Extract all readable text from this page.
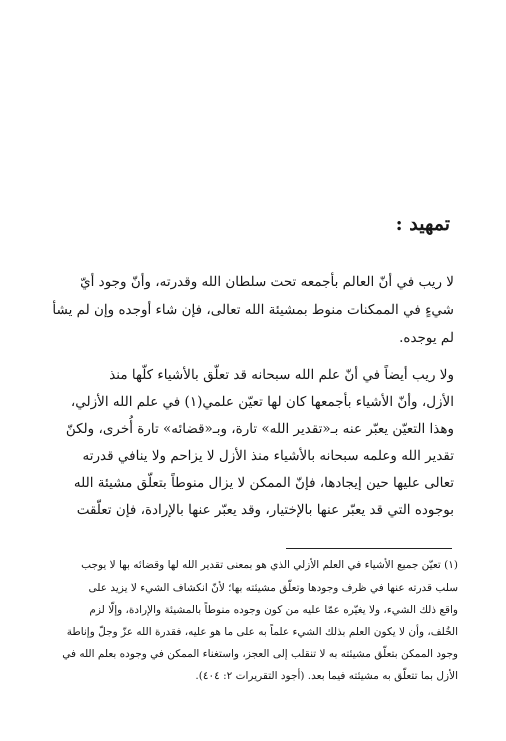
تمهيد :

لا ريب في أنّ العالم بأجمعه تحت سلطان الله وقدرته، وأنّ وجود أيّ

شيءٍ في الممكنات منوط بمشيئة الله تعالى، فإن شاء أوجده وإن لم يشأ

لم يوجده.

ولا ريب أيضاً في أنّ علم الله سبحانه قد تعلّق بالأشياء كلّها منذ

الأزل، وأنّ الأشياء بأجمعها كان لها تعيّن علمي(١) في علم الله الأزلي،

وهذا التعيّن يعبّر عنه بـ«تقدير الله» تارة، وبـ«قضائه» تارة أُخرى، ولكنّ

تقدير الله وعلمه سبحانه بالأشياء منذ الأزل لا يزاحم ولا ينافي قدرته

تعالى عليها حين إيجادها، فإنّ الممكن لا يزال منوطاً بتعلّق مشيئة الله

بوجوده التي قد يعبّر عنها بالإختيار، وقد يعبّر عنها بالإرادة، فإن تعلّقت

(١) تعيّن جميع الأشياء في العلم الأزلي الذي هو بمعنى تقدير الله لها وقضائه بها لا يوجب

سلب قدرته عنها في ظرف وجودها وتعلّق مشيئته بها؛ لأنّ انكشاف الشيء لا يزيد على

واقع ذلك الشيء، ولا يغيّره عمّا عليه من كون وجوده منوطاً بالمشيئة والإرادة، وإلّا لزم

الخُلف، وأن لا يكون العلم بذلك الشيء علماً به على ما هو عليه، فقدرة الله عزّ وجلّ وإناطة

وجود الممكن بتعلّق مشيئته به لا تنقلب إلى العجز، واستغناء الممكن في وجوده بعلم الله في

الأزل بما تتعلّق به مشيئته فيما بعد. (أجود التقريرات ٢: ٤٠٤).
